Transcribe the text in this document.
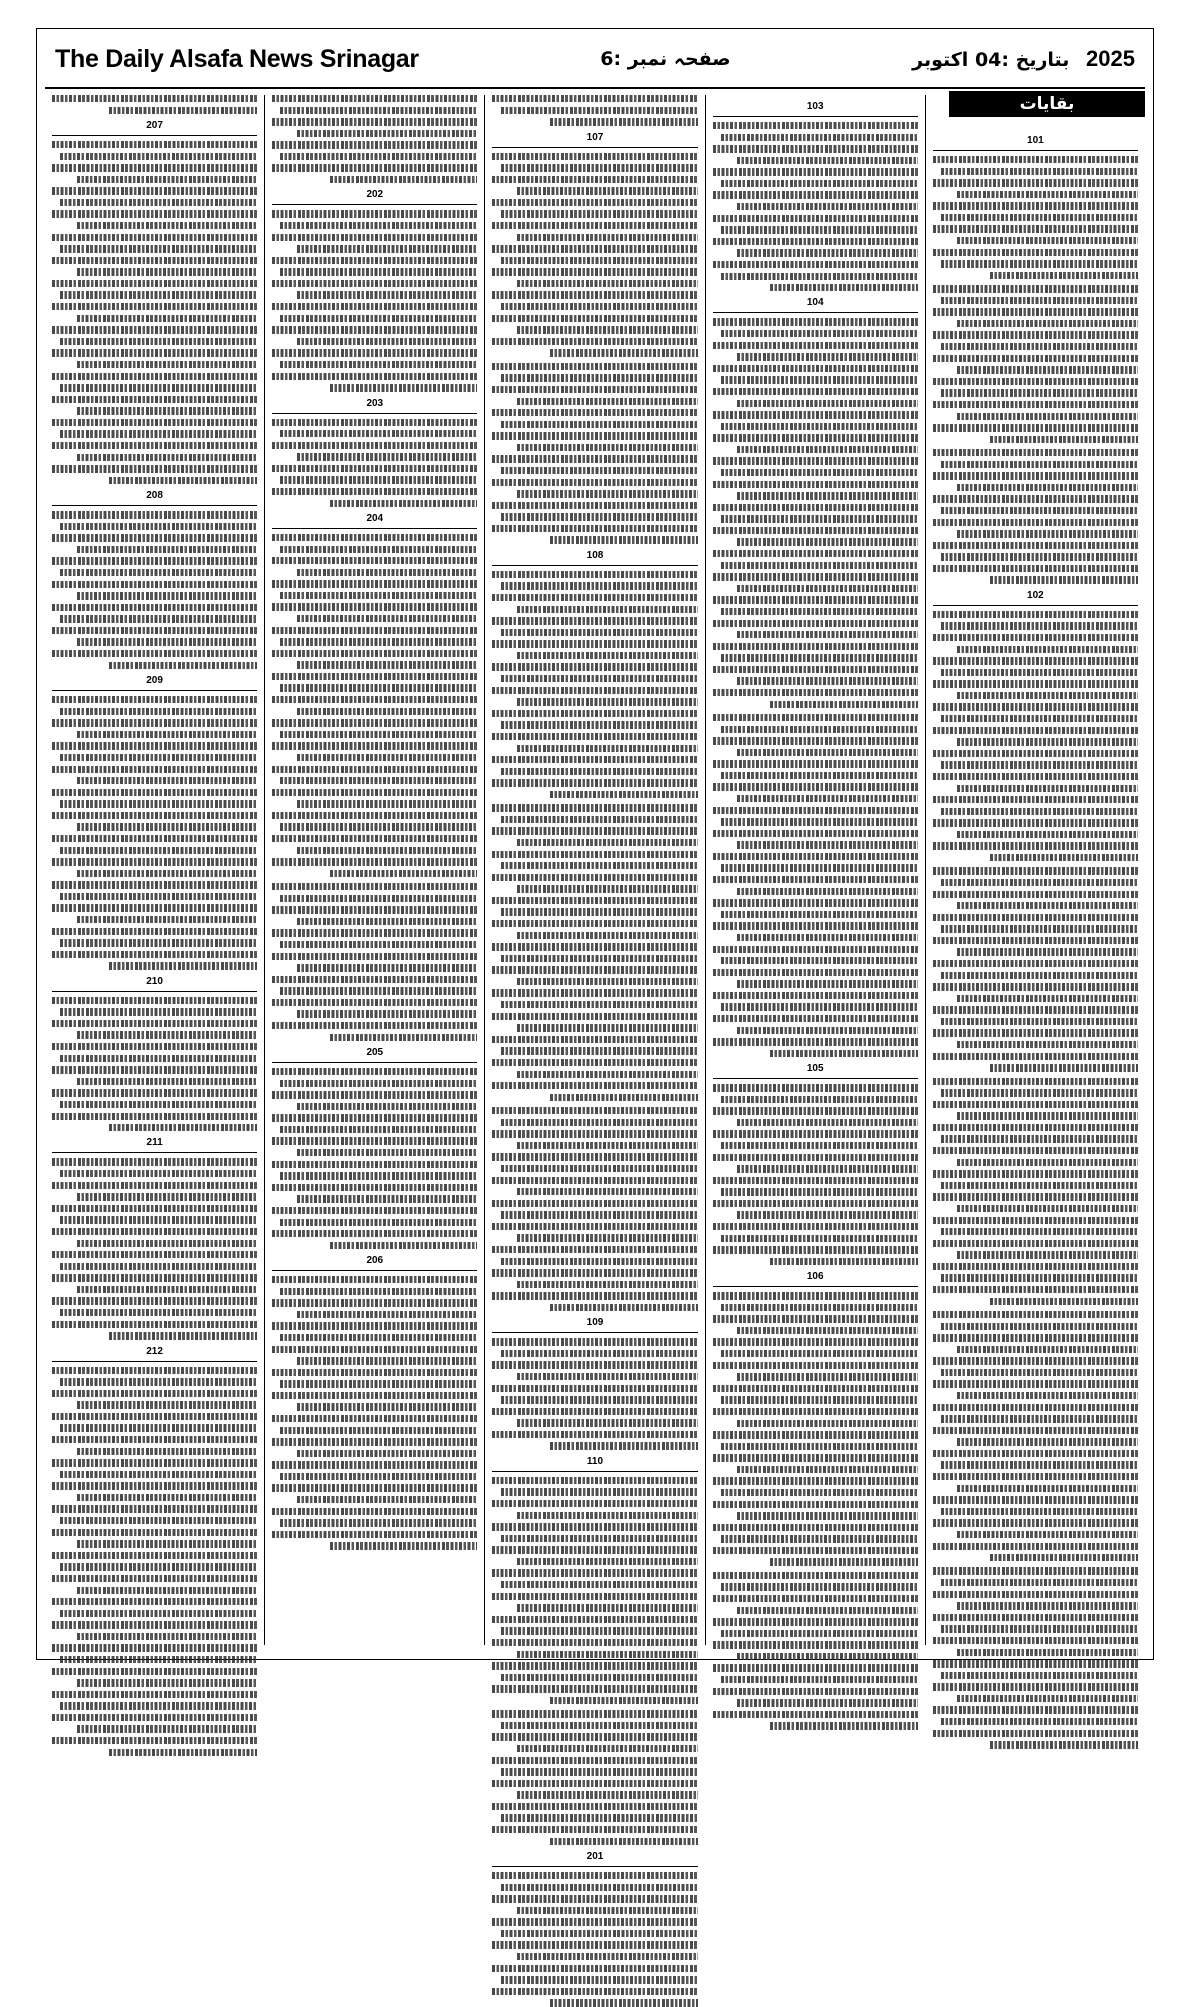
The Daily Alsafa News Srinagar	صفحہ نمبر :6	2025 بتاریخ :04 اکتوبر
بقایات
101
102
103
104
105
106
107
108
109
110
201
202
203
204
205
206
207
208
209
210
211
212
